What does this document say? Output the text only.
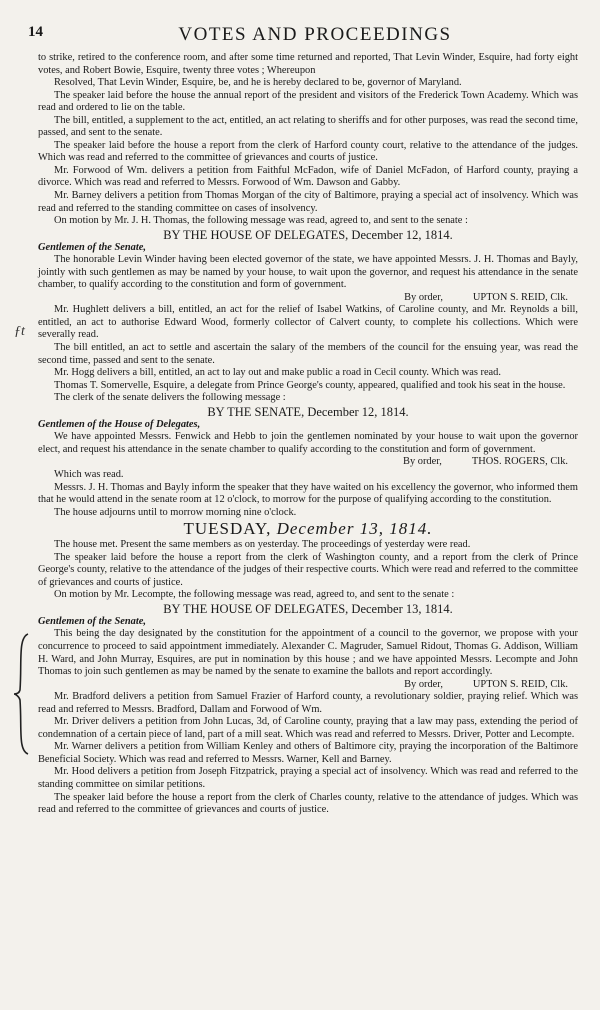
14	VOTES AND PROCEEDINGS
ƒt

to strike, retired to the conference room, and after some time returned and reported, That Levin Winder, Esquire, had forty eight votes, and Robert Bowie, Esquire, twenty three votes ; Whereupon

Resolved, That Levin Winder, Esquire, be, and he is hereby declared to be, governor of Maryland.

The speaker laid before the house the annual report of the president and visitors of the Frederick Town Academy. Which was read and ordered to lie on the table.

The bill, entitled, a supplement to the act, entitled, an act relating to sheriffs and for other purposes, was read the second time, passed, and sent to the senate.

The speaker laid before the house a report from the clerk of Harford county court, relative to the attendance of the judges. Which was read and referred to the committee of grievances and courts of justice.

Mr. Forwood of Wm. delivers a petition from Faithful McFadon, wife of Daniel McFadon, of Harford county, praying a divorce. Which was read and referred to Messrs. Forwood of Wm. Dawson and Gabby.

Mr. Barney delivers a petition from Thomas Morgan of the city of Baltimore, praying a special act of insolvency. Which was read and referred to the standing committee on cases of insolvency.

On motion by Mr. J. H. Thomas, the following message was read, agreed to, and sent to the senate :

BY THE HOUSE OF DELEGATES, December 12, 1814.

Gentlemen of the Senate,

The honorable Levin Winder having been elected governor of the state, we have appointed Messrs. J. H. Thomas and Bayly, jointly with such gentlemen as may be named by your house, to wait upon the governor, and request his attendance in the senate chamber, to qualify according to the constitution and form of government.

By order,	UPTON S. REID, Clk.

Mr. Hughlett delivers a bill, entitled, an act for the relief of Isabel Watkins, of Caroline county, and Mr. Reynolds a bill, entitled, an act to authorise Edward Wood, formerly collector of Calvert county, to complete his collections. Which were severally read.

The bill entitled, an act to settle and ascertain the salary of the members of the council for the ensuing year, was read the second time, passed and sent to the senate.

Mr. Hogg delivers a bill, entitled, an act to lay out and make public a road in Cecil county. Which was read.

Thomas T. Somervelle, Esquire, a delegate from Prince George's county, appeared, qualified and took his seat in the house.

The clerk of the senate delivers the following message :

BY THE SENATE, December 12, 1814.

Gentlemen of the House of Delegates,

We have appointed Messrs. Fenwick and Hebb to join the gentlemen nominated by your house to wait upon the governor elect, and request his attendance in the senate chamber to qualify according to the constitution and form of government.

By order,	THOS. ROGERS, Clk.

Which was read.

Messrs. J. H. Thomas and Bayly inform the speaker that they have waited on his excellency the governor, who informed them that he would attend in the senate room at 12 o'clock, to morrow for the purpose of qualifying according to the constitution.

The house adjourns until to morrow morning nine o'clock.

TUESDAY, December 13, 1814.

The house met. Present the same members as on yesterday. The proceedings of yesterday were read.

The speaker laid before the house a report from the clerk of Washington county, and a report from the clerk of Prince George's county, relative to the attendance of the judges of their respective courts. Which were read and referred to the committee of grievances and courts of justice.

On motion by Mr. Lecompte, the following message was read, agreed to, and sent to the senate :

BY THE HOUSE OF DELEGATES, December 13, 1814.

Gentlemen of the Senate,

This being the day designated by the constitution for the appointment of a council to the governor, we propose with your concurrence to proceed to said appointment immediately. Alexander C. Magruder, Samuel Ridout, Thomas G. Addison, William H. Ward, and John Murray, Esquires, are put in nomination by this house ; and we have appointed Messrs. Lecompte and John Thomas to join such gentlemen as may be named by the senate to examine the ballots and report accordingly.

By order,	UPTON S. REID, Clk.

Mr. Bradford delivers a petition from Samuel Frazier of Harford county, a revolutionary soldier, praying relief. Which was read and referred to Messrs. Bradford, Dallam and Forwood of Wm.

Mr. Driver delivers a petition from John Lucas, 3d, of Caroline county, praying that a law may pass, extending the period of condemnation of a certain piece of land, part of a mill seat. Which was read and referred to Messrs. Driver, Potter and Lecompte.

Mr. Warner delivers a petition from William Kenley and others of Baltimore city, praying the incorporation of the Baltimore Beneficial Society. Which was read and referred to Messrs. Warner, Kell and Barney.

Mr. Hood delivers a petition from Joseph Fitzpatrick, praying a special act of insolvency. Which was read and referred to the standing committee on similar petitions.

The speaker laid before the house a report from the clerk of Charles county, relative to the attendance of judges. Which was read and referred to the committee of grievances and courts of justice.
